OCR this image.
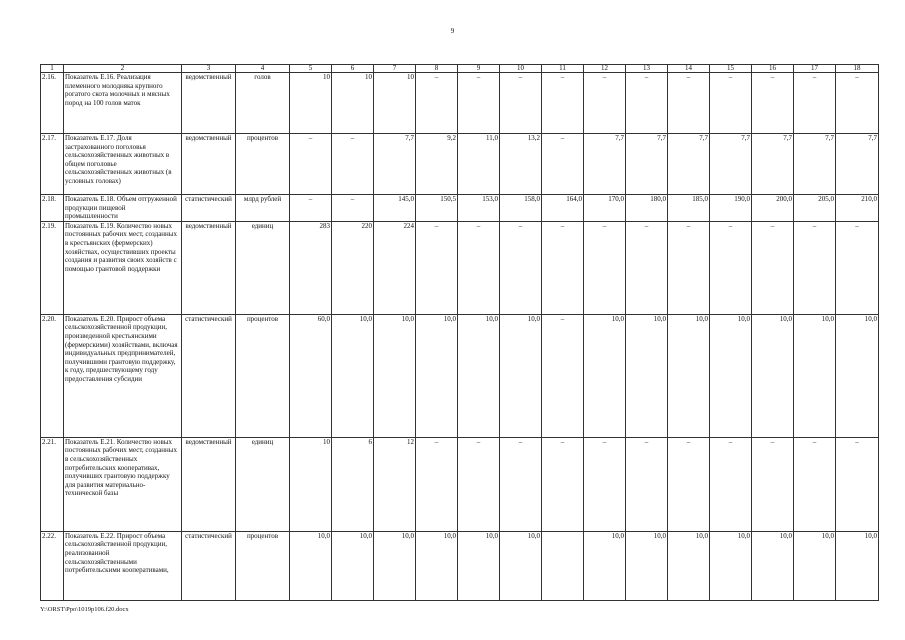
9
1	2	3	4	5	6	7	8	9	10	11	12	13	14	15	16	17	18
2.16.	Показатель Е.16. Реализация племенного молодняка крупного рогатого скота молочных и мясных пород на 100 голов маток	ведомственный	голов	10	10	10	–	–	–	–	–	–	–	–	–	–	–
2.17.	Показатель Е.17. Доля застрахованного поголовья сельскохозяйственных животных в общем поголовье сельскохозяйственных животных (в условных головах)	ведомственный	процентов	–	–	7,7	9,2	11,0	13,2	–	7,7	7,7	7,7	7,7	7,7	7,7	7,7
2.18.	Показатель Е.18. Объем отгруженной продукции пищевой промышленности	статистический	млрд рублей	–	–	145,0	150,5	153,0	158,0	164,0	170,0	180,0	185,0	190,0	200,0	205,0	210,0
2.19.	Показатель Е.19. Количество новых постоянных рабочих мест, созданных в крестьянских (фермерских) хозяйствах, осуществивших проекты создания и развития своих хозяйств с помощью грантовой поддержки	ведомственный	единиц	283	220	224	–	–	–	–	–	–	–	–	–	–	–
2.20.	Показатель Е.20. Прирост объема сельскохозяйственной продукции, произведенной крестьянскими (фермерскими) хозяйствами, включая индивидуальных предпринимателей, получившими грантовую поддержку, к году, предшествующему году предоставления субсидии	статистический	процентов	60,0	10,0	10,0	10,0	10,0	10,0	–	10,0	10,0	10,0	10,0	10,0	10,0	10,0
2.21.	Показатель Е.21. Количество новых постоянных рабочих мест, созданных в сельскохозяйственных потребительских кооперативах, получивших грантовую поддержку для развития материально-технической базы	ведомственный	единиц	10	6	12	–	–	–	–	–	–	–	–	–	–	–
2.22.	Показатель Е.22. Прирост объема сельскохозяйственной продукции, реализованной сельскохозяйственными потребительскими кооперативами,	статистический	процентов	10,0	10,0	10,0	10,0	10,0	10,0		10,0	10,0	10,0	10,0	10,0	10,0	10,0
Y:\ORST\Ppo\1019p106.f20.docx
